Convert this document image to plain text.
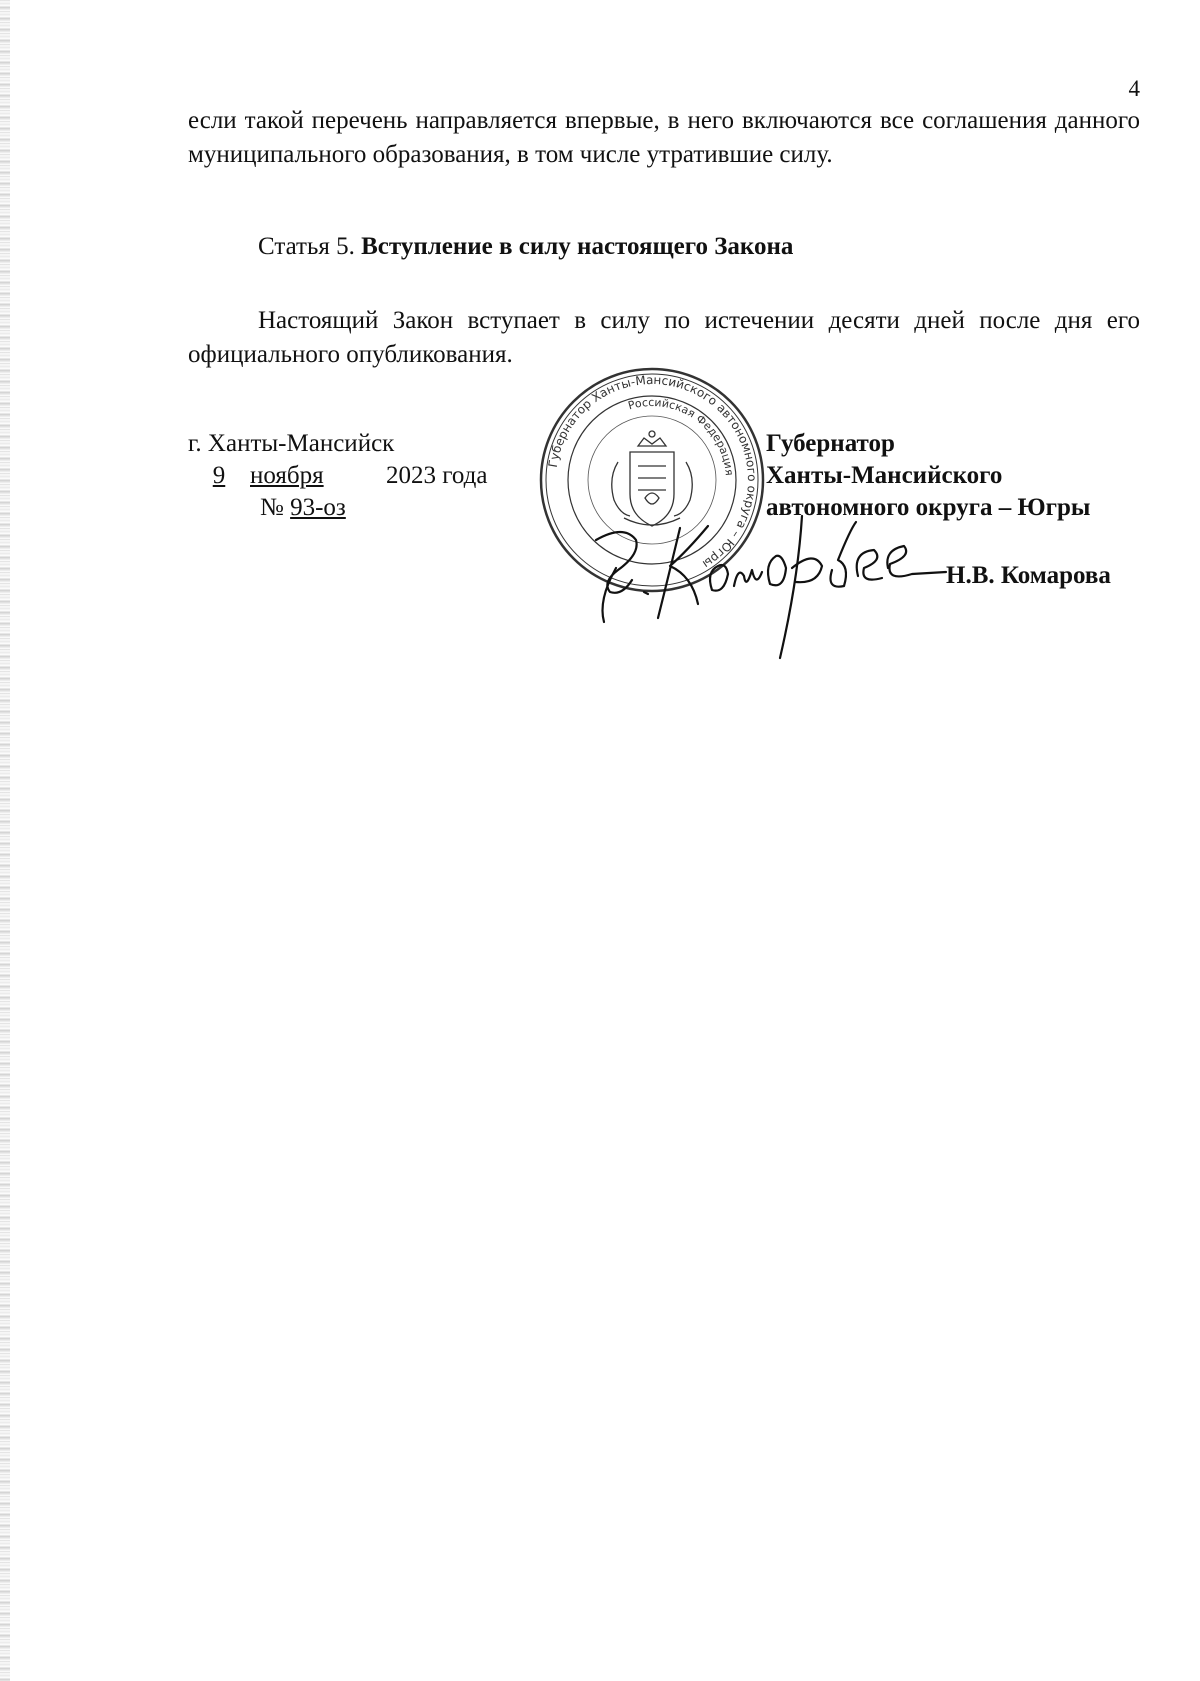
4

если такой перечень направляется впервые, в него включаются все соглашения данного муниципального образования, в том числе утратившие силу.

Статья 5. Вступление в силу настоящего Закона

Настоящий Закон вступает в силу по истечении десяти дней после дня его официального опубликования.

г. Ханты-Мансийск
9 ноября 2023 года
№ 93-оз
Губернатор
Ханты-Мансийского
автономного округа – Югры
Губернатор Ханты-Мансийского автономного округа – Югры
Российская Федерация
Н.В. Комарова
